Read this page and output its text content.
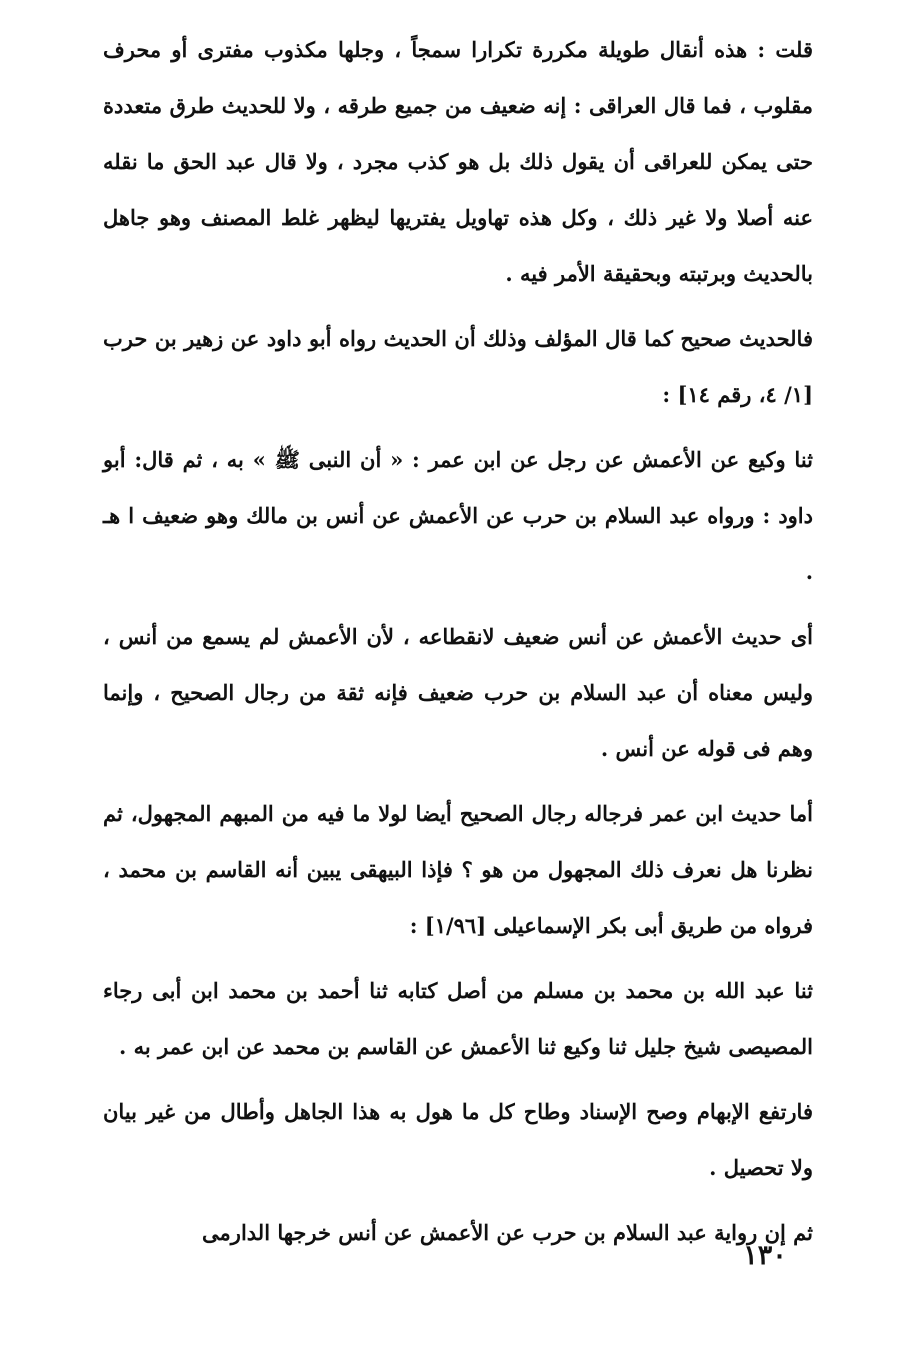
قلت : هذه أنقال طويلة مكررة تكرارا سمجاً ، وجلها مكذوب مفترى أو محرف مقلوب ، فما قال العراقى : إنه ضعيف من جميع طرقه ، ولا للحديث طرق متعددة حتى يمكن للعراقى أن يقول ذلك بل هو كذب مجرد ، ولا قال عبد الحق ما نقله عنه أصلا ولا غير ذلك ، وكل هذه تهاويل يفتريها ليظهر غلط المصنف وهو جاهل بالحديث وبرتبته وبحقيقة الأمر فيه .

فالحديث صحيح كما قال المؤلف وذلك أن الحديث رواه أبو داود عن زهير بن حرب [١/ ٤، رقم ١٤] :

ثنا وكيع عن الأعمش عن رجل عن ابن عمر : « أن النبى ﷺ » به ، ثم قال: أبو داود : ورواه عبد السلام بن حرب عن الأعمش عن أنس بن مالك وهو ضعيف ا هـ .

أى حديث الأعمش عن أنس ضعيف لانقطاعه ، لأن الأعمش لم يسمع من أنس ، وليس معناه أن عبد السلام بن حرب ضعيف فإنه ثقة من رجال الصحيح ، وإنما وهم فى قوله عن أنس .

أما حديث ابن عمر فرجاله رجال الصحيح أيضا لولا ما فيه من المبهم المجهول، ثم نظرنا هل نعرف ذلك المجهول من هو ؟ فإذا البيهقى يبين أنه القاسم بن محمد ، فرواه من طريق أبى بكر الإسماعيلى [١/٩٦] :

ثنا عبد الله بن محمد بن مسلم من أصل كتابه ثنا أحمد بن محمد ابن أبى رجاء المصيصى شيخ جليل ثنا وكيع ثنا الأعمش عن القاسم بن محمد عن ابن عمر به .

فارتفع الإبهام وصح الإسناد وطاح كل ما هول به هذا الجاهل وأطال من غير بيان ولا تحصيل .

ثم إن رواية عبد السلام بن حرب عن الأعمش عن أنس خرجها الدارمى

١٣٠
